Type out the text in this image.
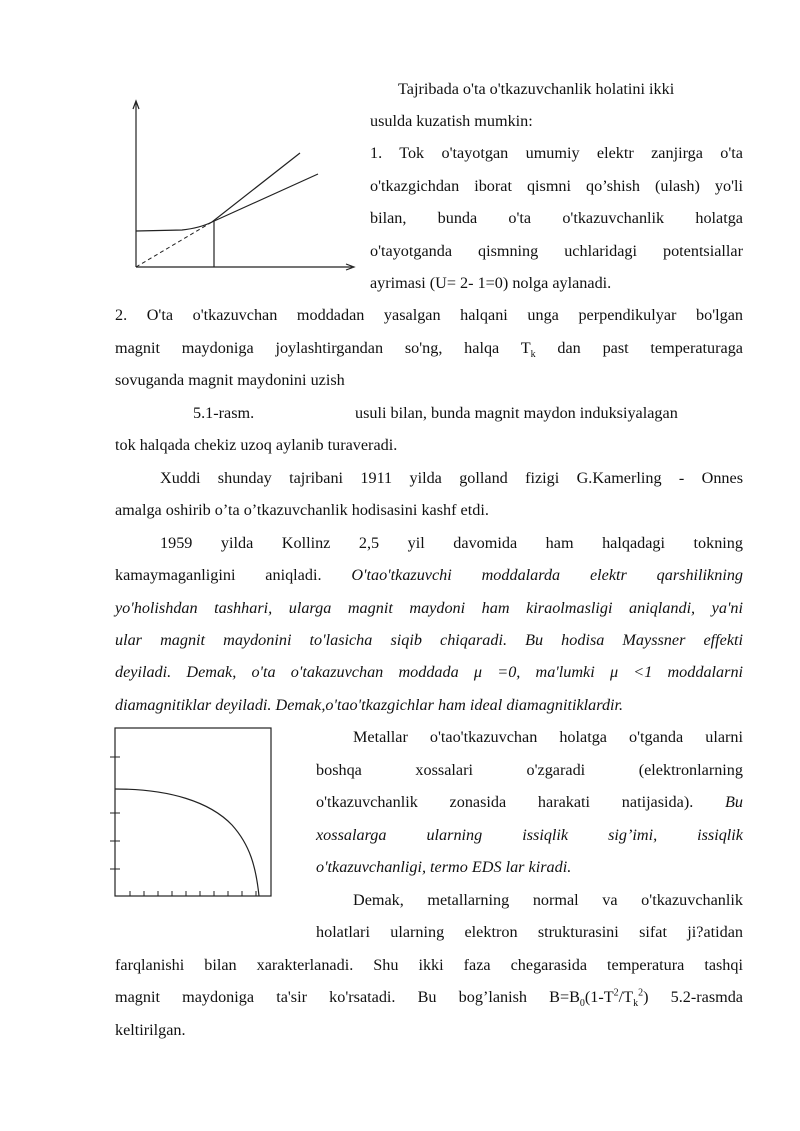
Tajribada o'ta o'tkazuvchanlik holatini ikki
usulda kuzatish mumkin:
1. Tok o'tayotgan umumiy elektr zanjirga o'ta
o'tkazgichdan iborat qismni qo’shish (ulash) yo'li
bilan, bunda o'ta o'tkazuvchanlik holatga
o'tayotganda qismning uchlaridagi potentsiallar
ayrimasi (U= 2- 1=0) nolga aylanadi.
2. O'ta o'tkazuvchan moddadan yasalgan halqani unga perpendikulyar bo'lgan
magnit maydoniga joylashtirgandan so'ng, halqa $T_k$ dan past temperaturaga
sovuganda magnit maydonini uzish
5.1-rasm.	usuli bilan, bunda magnit maydon induksiyalagan
tok halqada chekiz uzoq aylanib turaveradi.
Xuddi shunday tajribani 1911 yilda golland fizigi G.Kamerling - Onnes
amalga oshirib o’ta o’tkazuvchanlik hodisasini kashf etdi.
1959 yilda Kollinz 2,5 yil davomida ham halqadagi tokning
kamaymaganligini aniqladi. O'tao'tkazuvchi moddalarda elektr qarshilikning
yo'holishdan tashhari, ularga magnit maydoni ham kiraolmasligi aniqlandi, ya'ni
ular magnit maydonini to'lasicha siqib chiqaradi. Bu hodisa Mayssner effekti
deyiladi. Demak, o'ta o'takazuvchan moddada μ =0, ma'lumki μ <1 moddalarni
diamagnitiklar deyiladi. Demak,o'tao'tkazgichlar ham ideal diamagnitiklardir.
Metallar o'tao'tkazuvchan holatga o'tganda ularni
boshqa xossalari o'zgaradi (elektronlarning
o'tkazuvchanlik zonasida harakati natijasida). Bu
xossalarga ularning issiqlik sig’imi, issiqlik
o'tkazuvchanligi, termo EDS lar kiradi.
Demak, metallarning normal va o'tkazuvchanlik
holatlari ularning elektron strukturasini sifat ji?atidan
farqlanishi bilan xarakterlanadi. Shu ikki faza chegarasida temperatura tashqi
magnit maydoniga ta'sir ko'rsatadi. Bu bog’lanish $B=B_0(1-T^2/T_k^2)$ 5.2-rasmda
keltirilgan.
